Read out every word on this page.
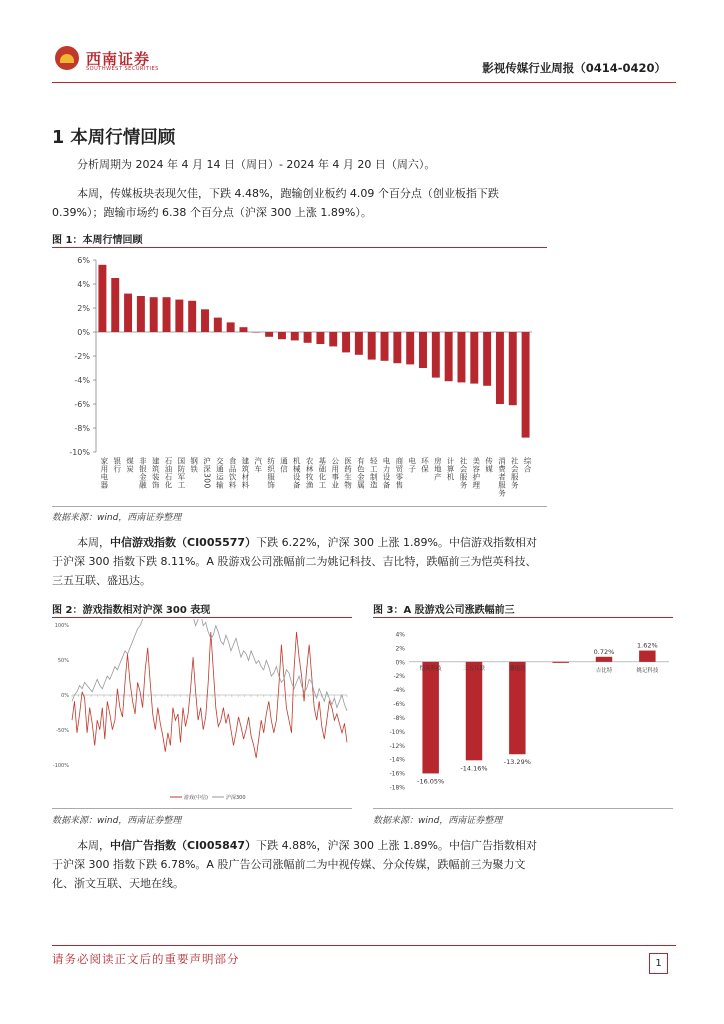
西南证券
SOUTHWEST SECURITIES	影视传媒行业周报（0414-0420）
1 本周行情回顾

分析周期为 2024 年 4 月 14 日（周日）- 2024 年 4 月 20 日（周六）。

本周，传媒板块表现欠佳，下跌 4.48%，跑输创业板约 4.09 个百分点（创业板指下跌 0.39%）；跑输市场约 6.38 个百分点（沪深 300 上涨 1.89%）。

图 1：本周行情回顾
6%
4%
2%
0%
-2%
-4%
-6%
-8%
-10%
家用电器 银行 煤炭 非银金融 建筑装饰 石油石化 国防军工 钢铁 沪深300 交通运输 食品饮料 建筑材料 汽车 纺织服饰 通信 机械设备 农林牧渔 基础化工 公用事业 医药生物 有色金属 轻工制造 电力设备 商贸零售 电子 环保 房地产 计算机 社会服务 美容护理 传媒 消费者服务 社会服务 综合
数据来源：wind，西南证券整理

本周，中信游戏指数（CI005577）下跌 6.22%，沪深 300 上涨 1.89%。中信游戏指数相对于沪深 300 指数下跌 8.11%。A 股游戏公司涨幅前二为姚记科技、吉比特，跌幅前三为恺英科技、三五互联、盛迅达。

图 2：游戏指数相对沪深 300 表现
100%
50%
0%
-50%
-100%
游戏(中信)	沪深300
数据来源：wind，西南证券整理
图 3：A 股游戏公司涨跌幅前三
4%
2%
0%
-2%
-4%
-6%
-8%
-10%
-12%
-14%
-16%
-18%
恺英科技
-16.05%
三五互联
-14.16%
盛迅达
-13.29%
吉比特
0.72%
姚记科技
1.62%
数据来源：wind，西南证券整理

本周，中信广告指数（CI005847）下跌 4.88%，沪深 300 上涨 1.89%。中信广告指数相对于沪深 300 指数下跌 6.78%。A 股广告公司涨幅前二为中视传媒、分众传媒，跌幅前三为聚力文化、浙文互联、天地在线。

请务必阅读正文后的重要声明部分	1
